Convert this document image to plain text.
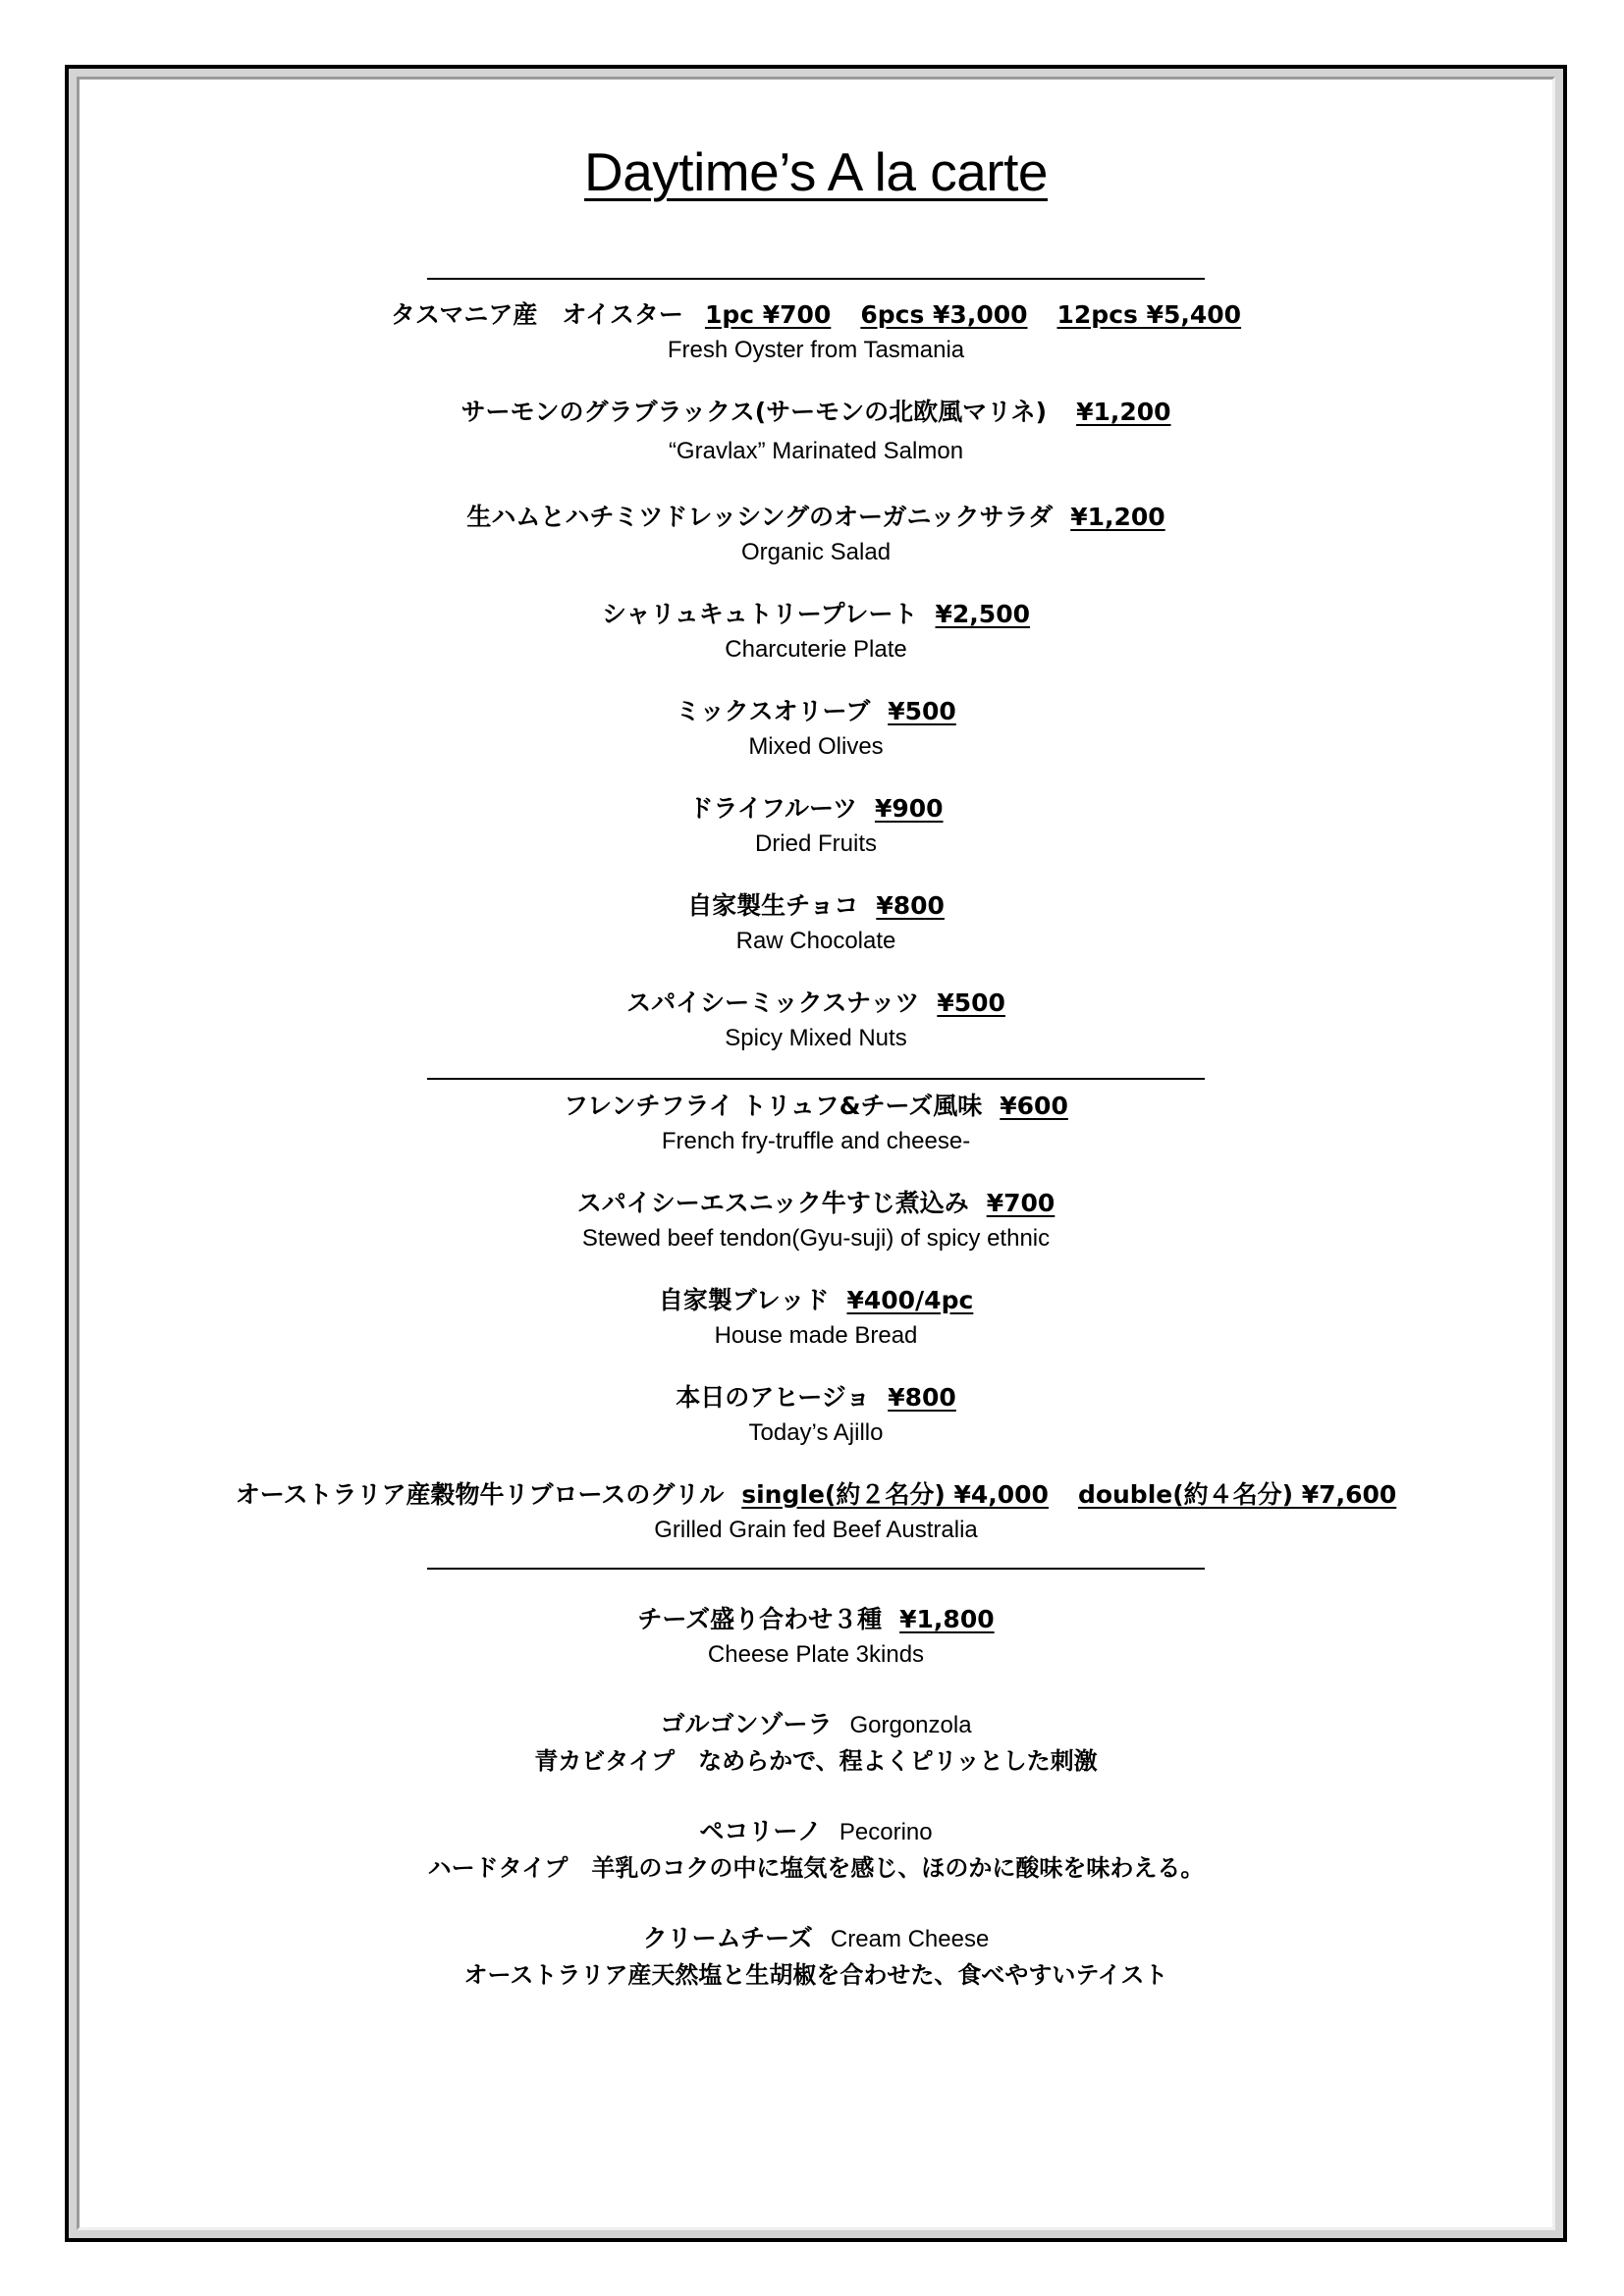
Daytime’s A la carte
タスマニア産　オイスター 1pc ¥700 6pcs ¥3,000 12pcs ¥5,400
Fresh Oyster from Tasmania
サーモンのグラブラックス(サーモンの北欧風マリネ) ¥1,200
“Gravlax” Marinated Salmon
生ハムとハチミツドレッシングのオーガニックサラダ ¥1,200
Organic Salad
シャリュキュトリープレート ¥2,500
Charcuterie Plate
ミックスオリーブ ¥500
Mixed Olives
ドライフルーツ ¥900
Dried Fruits
自家製生チョコ ¥800
Raw Chocolate
スパイシーミックスナッツ ¥500
Spicy Mixed Nuts
フレンチフライ トリュフ&チーズ風味 ¥600
French fry-truffle and cheese-
スパイシーエスニック牛すじ煮込み ¥700
Stewed beef tendon(Gyu-suji) of spicy ethnic
自家製ブレッド ¥400/4pc
House made Bread
本日のアヒージョ ¥800
Today’s Ajillo
オーストラリア産穀物牛リブロースのグリル single(約２名分) ¥4,000 double(約４名分) ¥7,600
Grilled Grain fed Beef Australia
チーズ盛り合わせ３種 ¥1,800
Cheese Plate 3kinds
ゴルゴンゾーラ Gorgonzola
青カビタイプ　なめらかで、程よくピリッとした刺激
ペコリーノ Pecorino
ハードタイプ　羊乳のコクの中に塩気を感じ、ほのかに酸味を味わえる。
クリームチーズ Cream Cheese
オーストラリア産天然塩と生胡椒を合わせた、食べやすいテイスト
